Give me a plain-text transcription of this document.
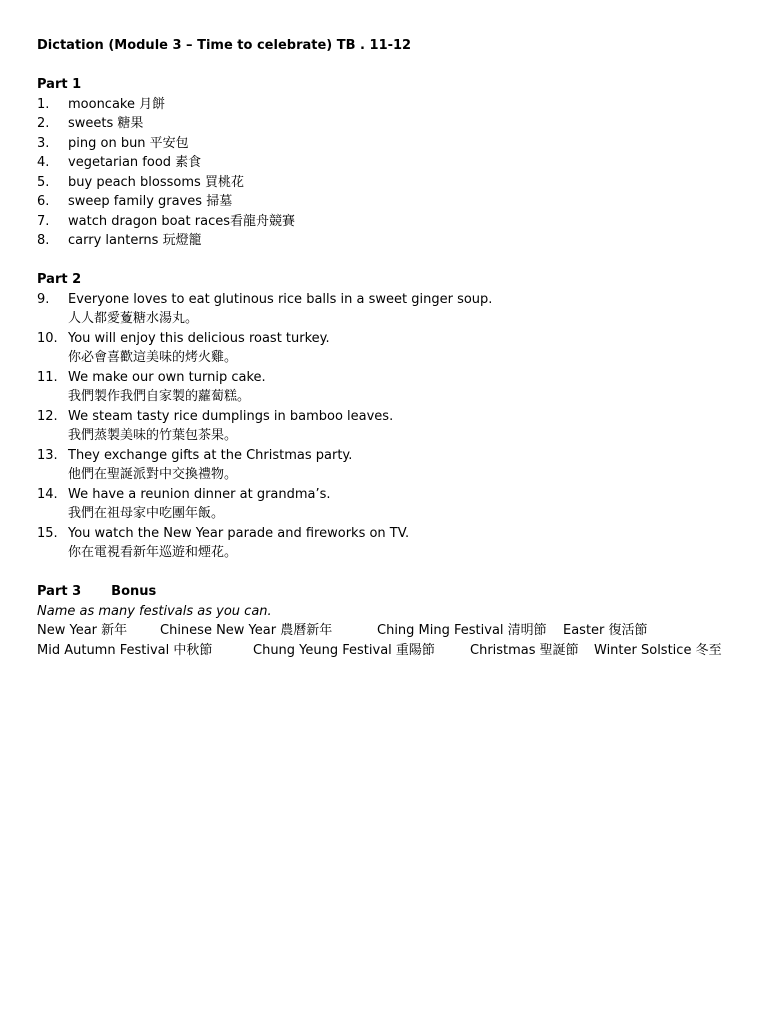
Dictation (Module 3 – Time to celebrate) TB . 11-12
Part 1
1.	mooncake 月餅
2.	sweets 糖果
3.	ping on bun 平安包
4.	vegetarian food 素食
5.	buy peach blossoms 買桃花
6.	sweep family graves 掃墓
7.	watch dragon boat races看龍舟競賽
8.	carry lanterns 玩燈籠
Part 2
9.	Everyone loves to eat glutinous rice balls in a sweet ginger soup.
人人都愛藑糖水湯丸。
10. You will enjoy this delicious roast turkey.
你必會喜歡這美味的烤火雞。
11. We make our own turnip cake.
我們製作我們自家製的蘿蔔糕。
12. We steam tasty rice dumplings in bamboo leaves.
我們蒸製美味的竹葉包茶果。
13. They exchange gifts at the Christmas party.
他們在聖誕派對中交換禮物。
14. We have a reunion dinner at grandma’s.
我們在祖母家中吃團年飯。
15. You watch the New Year parade and fireworks on TV.
你在電視看新年巡遊和煙花。
Part 3 Bonus
Name as many festivals as you can.
New Year 新年	Chinese New Year 農曆新年	Ching Ming Festival 清明節 Easter 復活節
Mid Autumn Festival 中秋節	Chung Yeung Festival 重陽節	Christmas 聖誕節 Winter Solstice 冬至
